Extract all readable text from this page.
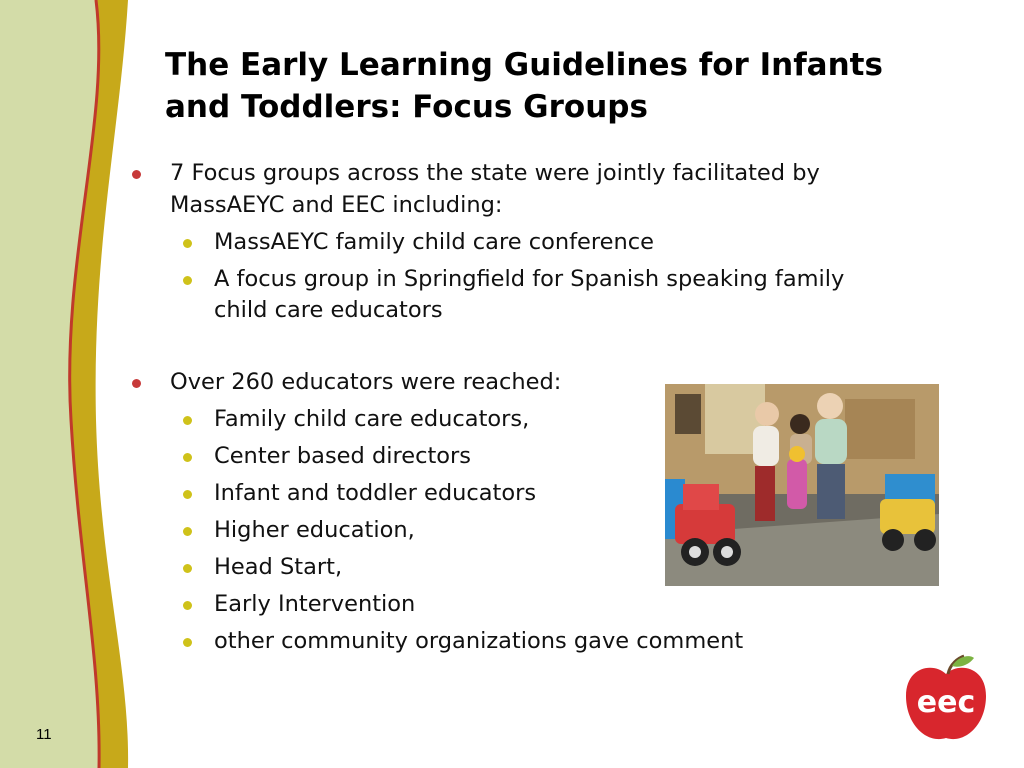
The Early Learning Guidelines for Infants
and Toddlers: Focus Groups
7 Focus groups across the state were jointly facilitated by
MassAEYC and EEC including:
MassAEYC family child care conference
A focus group in Springfield for Spanish speaking family
child care educators
Over 260 educators were reached:
Family child care educators,
Center based directors
Infant and toddler educators
Higher education,
Head Start,
Early Intervention
other community organizations gave comment
eec
11
